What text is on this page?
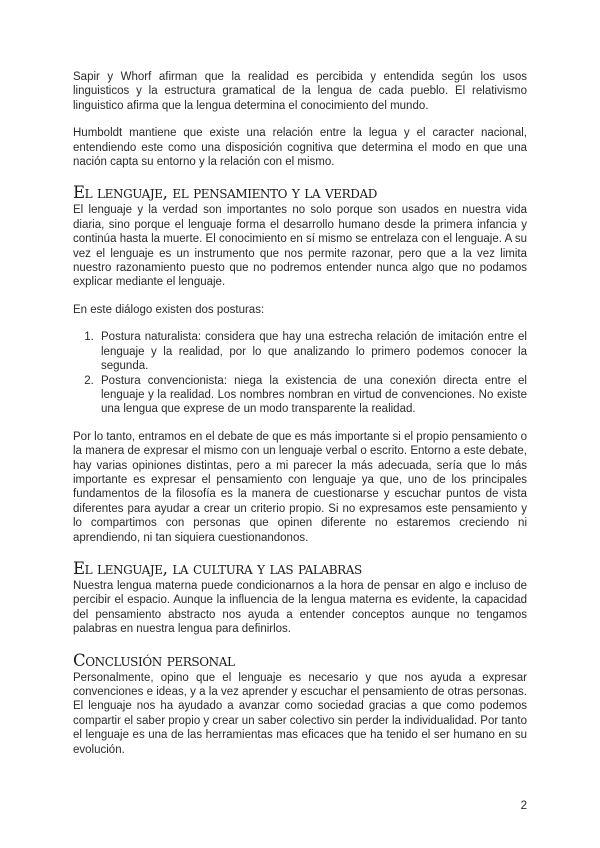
Sapir y Whorf afirman que la realidad es percibida y entendida según los usos linguisticos y la estructura gramatical de la lengua de cada pueblo. El relativismo linguistico afirma que la lengua determina el conocimiento del mundo.

Humboldt mantiene que existe una relación entre la legua y el caracter nacional, entendiendo este como una disposición cognitiva que determina el modo en que una nación capta su entorno y la relación con el mismo.

El lenguaje, el pensamiento y la verdad

El lenguaje y la verdad son importantes no solo porque son usados en nuestra vida diaria, sino porque el lenguaje forma el desarrollo humano desde la primera infancia y continúa hasta la muerte. El conocimiento en sí mismo se entrelaza con el lenguaje. A su vez el lenguaje es un instrumento que nos permite razonar, pero que a la vez limita nuestro razonamiento puesto que no podremos entender nunca algo que no podamos explicar mediante el lenguaje.

En este diálogo existen dos posturas:

1. Postura naturalista: considera que hay una estrecha relación de imitación entre el lenguaje y la realidad, por lo que analizando lo primero podemos conocer la segunda.
2. Postura convencionista: niega la existencia de una conexión directa entre el lenguaje y la realidad. Los nombres nombran en virtud de convenciones. No existe una lengua que exprese de un modo transparente la realidad.

Por lo tanto, entramos en el debate de que es más importante si el propio pensamiento o la manera de expresar el mismo con un lenguaje verbal o escrito. Entorno a este debate, hay varias opiniones distintas, pero a mi parecer la más adecuada, sería que lo más importante es expresar el pensamiento con lenguaje ya que, uno de los principales fundamentos de la filosofía es la manera de cuestionarse y escuchar puntos de vista diferentes para ayudar a crear un criterio propio. Si no expresamos este pensamiento y lo compartimos con personas que opinen diferente no estaremos creciendo ni aprendiendo, ni tan siquiera cuestionandonos.

El lenguaje, la cultura y las palabras

Nuestra lengua materna puede condicionarnos a la hora de pensar en algo e incluso de percibir el espacio. Aunque la influencia de la lengua materna es evidente, la capacidad del pensamiento abstracto nos ayuda a entender conceptos aunque no tengamos palabras en nuestra lengua para definirlos.

Conclusión personal

Personalmente, opino que el lenguaje es necesario y que nos ayuda a expresar convenciones e ideas, y a la vez aprender y escuchar el pensamiento de otras personas. El lenguaje nos ha ayudado a avanzar como sociedad gracias a que como podemos compartir el saber propio y crear un saber colectivo sin perder la individualidad. Por tanto el lenguaje es una de las herramientas mas eficaces que ha tenido el ser humano en su evolución.

2
